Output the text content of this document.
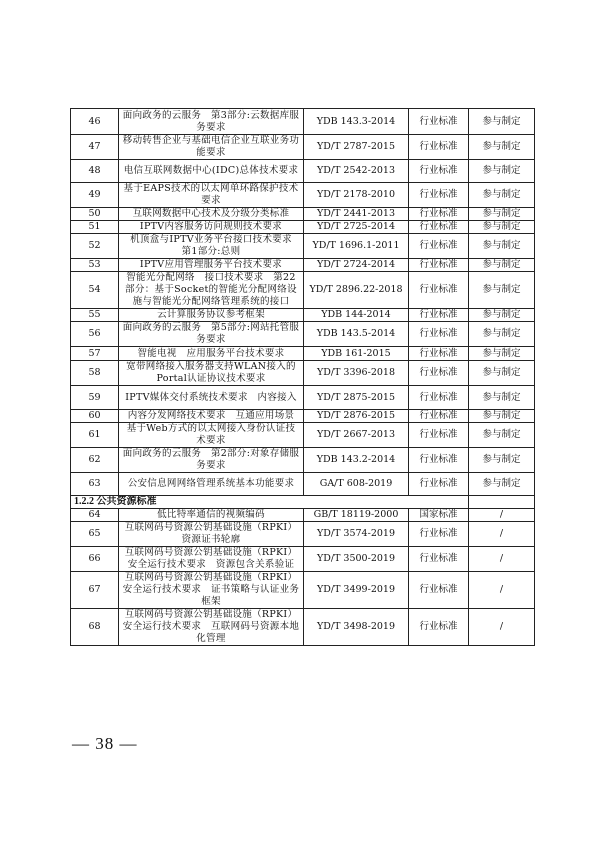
46	面向政务的云服务　第3部分:云数据库服务要求	YDB 143.3-2014	行业标准	参与制定
47	移动转售企业与基础电信企业互联业务功能要求	YD/T 2787-2015	行业标准	参与制定
48	电信互联网数据中心(IDC)总体技术要求	YD/T 2542-2013	行业标准	参与制定
49	基于EAPS技术的以太网单环路保护技术要求	YD/T 2178-2010	行业标准	参与制定
50	互联网数据中心技术及分级分类标准	YD/T 2441-2013	行业标准	参与制定
51	IPTV内容服务访问规则技术要求	YD/T 2725-2014	行业标准	参与制定
52	机顶盒与IPTV业务平台接口技术要求　第1部分:总则	YD/T 1696.1-2011	行业标准	参与制定
53	IPTV应用管理服务平台技术要求	YD/T 2724-2014	行业标准	参与制定
54	智能光分配网络　接口技术要求　第22部分：基于Socket的智能光分配网络设施与智能光分配网络管理系统的接口	YD/T 2896.22-2018	行业标准	参与制定
55	云计算服务协议参考框架	YDB 144-2014	行业标准	参与制定
56	面向政务的云服务　第5部分:网站托管服务要求	YDB 143.5-2014	行业标准	参与制定
57	智能电视　应用服务平台技术要求	YDB 161-2015	行业标准	参与制定
58	宽带网络接入服务器支持WLAN接入的Portal认证协议技术要求	YD/T 3396-2018	行业标准	参与制定
59	IPTV媒体交付系统技术要求　内容接入	YD/T 2875-2015	行业标准	参与制定
60	内容分发网络技术要求　互通应用场景	YD/T 2876-2015	行业标准	参与制定
61	基于Web方式的以太网接入身份认证技术要求	YD/T 2667-2013	行业标准	参与制定
62	面向政务的云服务　第2部分:对象存储服务要求	YDB 143.2-2014	行业标准	参与制定
63	公安信息网网络管理系统基本功能要求	GA/T 608-2019	行业标准	参与制定
1.2.2 公共资源标准				
64	低比特率通信的视频编码	GB/T 18119-2000	国家标准	/
65	互联网码号资源公钥基础设施（RPKI）资源证书轮廓	YD/T 3574-2019	行业标准	/
66	互联网码号资源公钥基础设施（RPKI）安全运行技术要求　资源包含关系验证	YD/T 3500-2019	行业标准	/
67	互联网码号资源公钥基础设施（RPKI）安全运行技术要求　证书策略与认证业务框架	YD/T 3499-2019	行业标准	/
68	互联网码号资源公钥基础设施（RPKI）安全运行技术要求　互联网码号资源本地化管理	YD/T 3498-2019	行业标准	/
— 38 —
